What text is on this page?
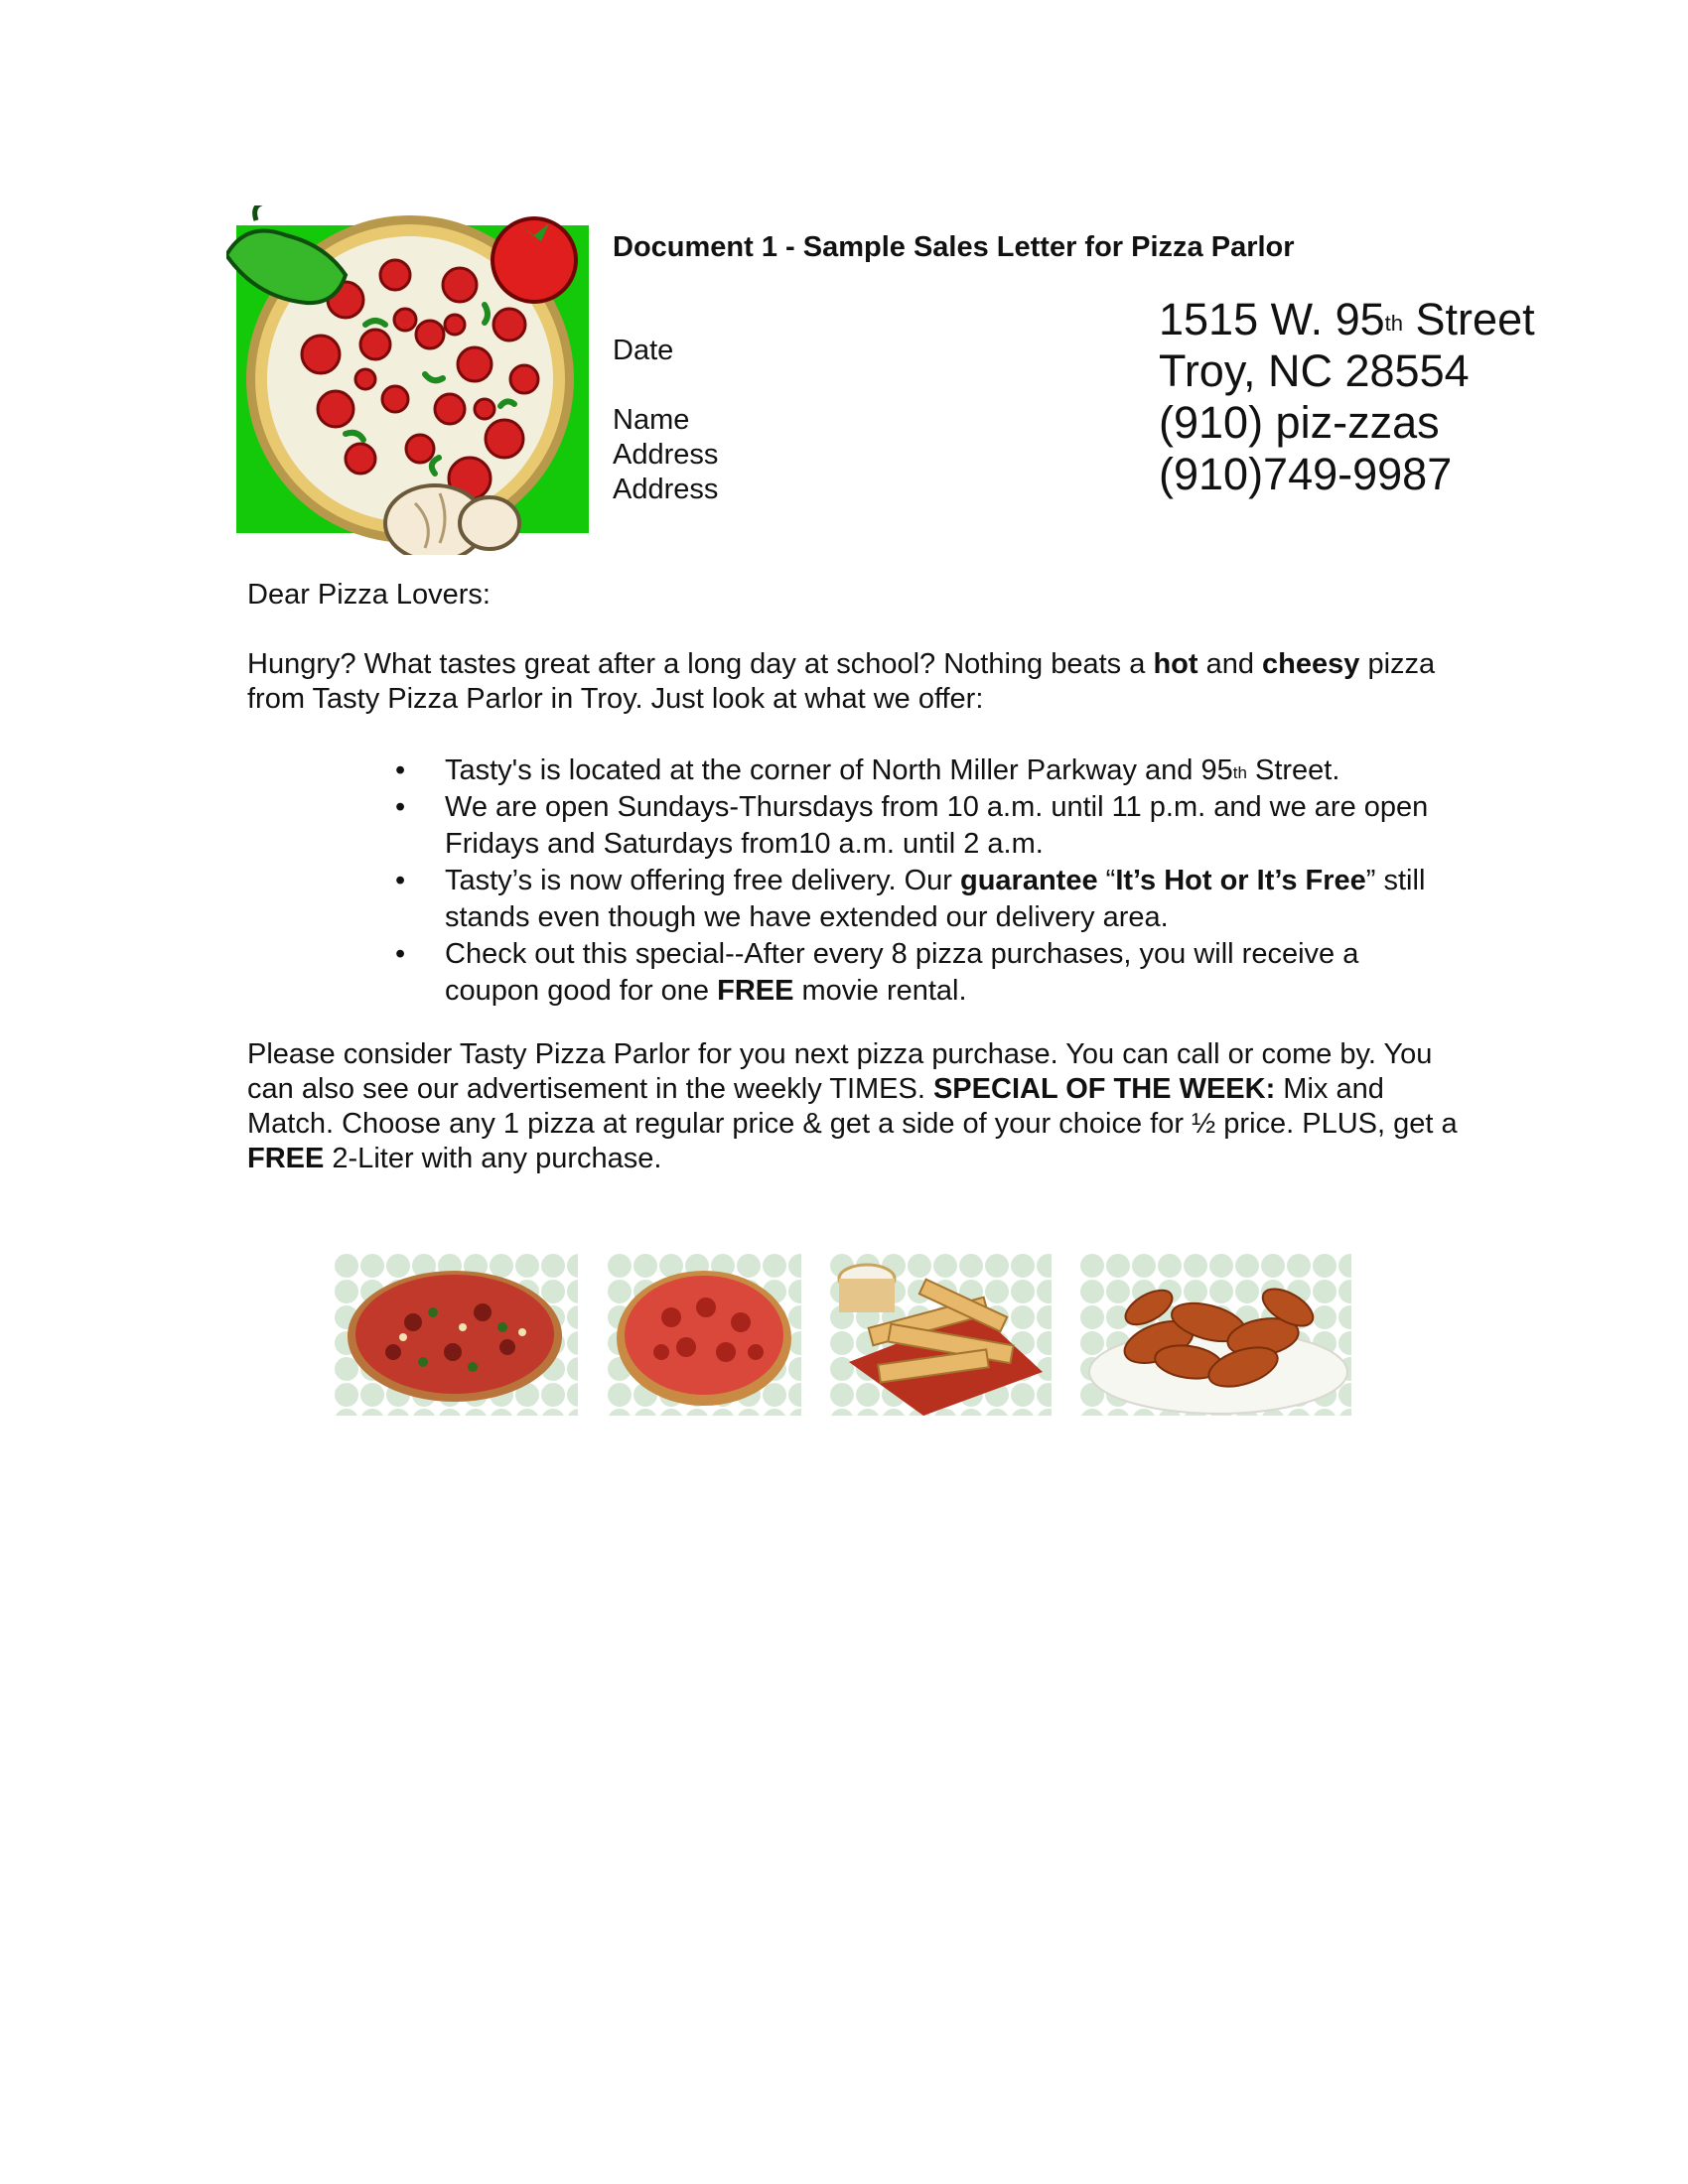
Document 1 - Sample Sales Letter for Pizza Parlor
Date
Name
Address
Address
1515 W. 95th Street
Troy, NC 28554
(910) piz-zzas
(910)749-9987
Dear Pizza Lovers:
Hungry? What tastes great after a long day at school? Nothing beats a hot and cheesy pizza from Tasty Pizza Parlor in Troy. Just look at what we offer:
• Tasty's is located at the corner of North Miller Parkway and 95th Street.
• We are open Sundays-Thursdays from 10 a.m. until 11 p.m. and we are open Fridays and Saturdays from10 a.m. until 2 a.m.
• Tasty’s is now offering free delivery. Our guarantee “It’s Hot or It’s Free” still stands even though we have extended our delivery area.
• Check out this special--After every 8 pizza purchases, you will receive a coupon good for one FREE movie rental.
Please consider Tasty Pizza Parlor for you next pizza purchase. You can call or come by. You can also see our advertisement in the weekly TIMES. SPECIAL OF THE WEEK: Mix and Match. Choose any 1 pizza at regular price & get a side of your choice for ½ price. PLUS, get a FREE 2-Liter with any purchase.
